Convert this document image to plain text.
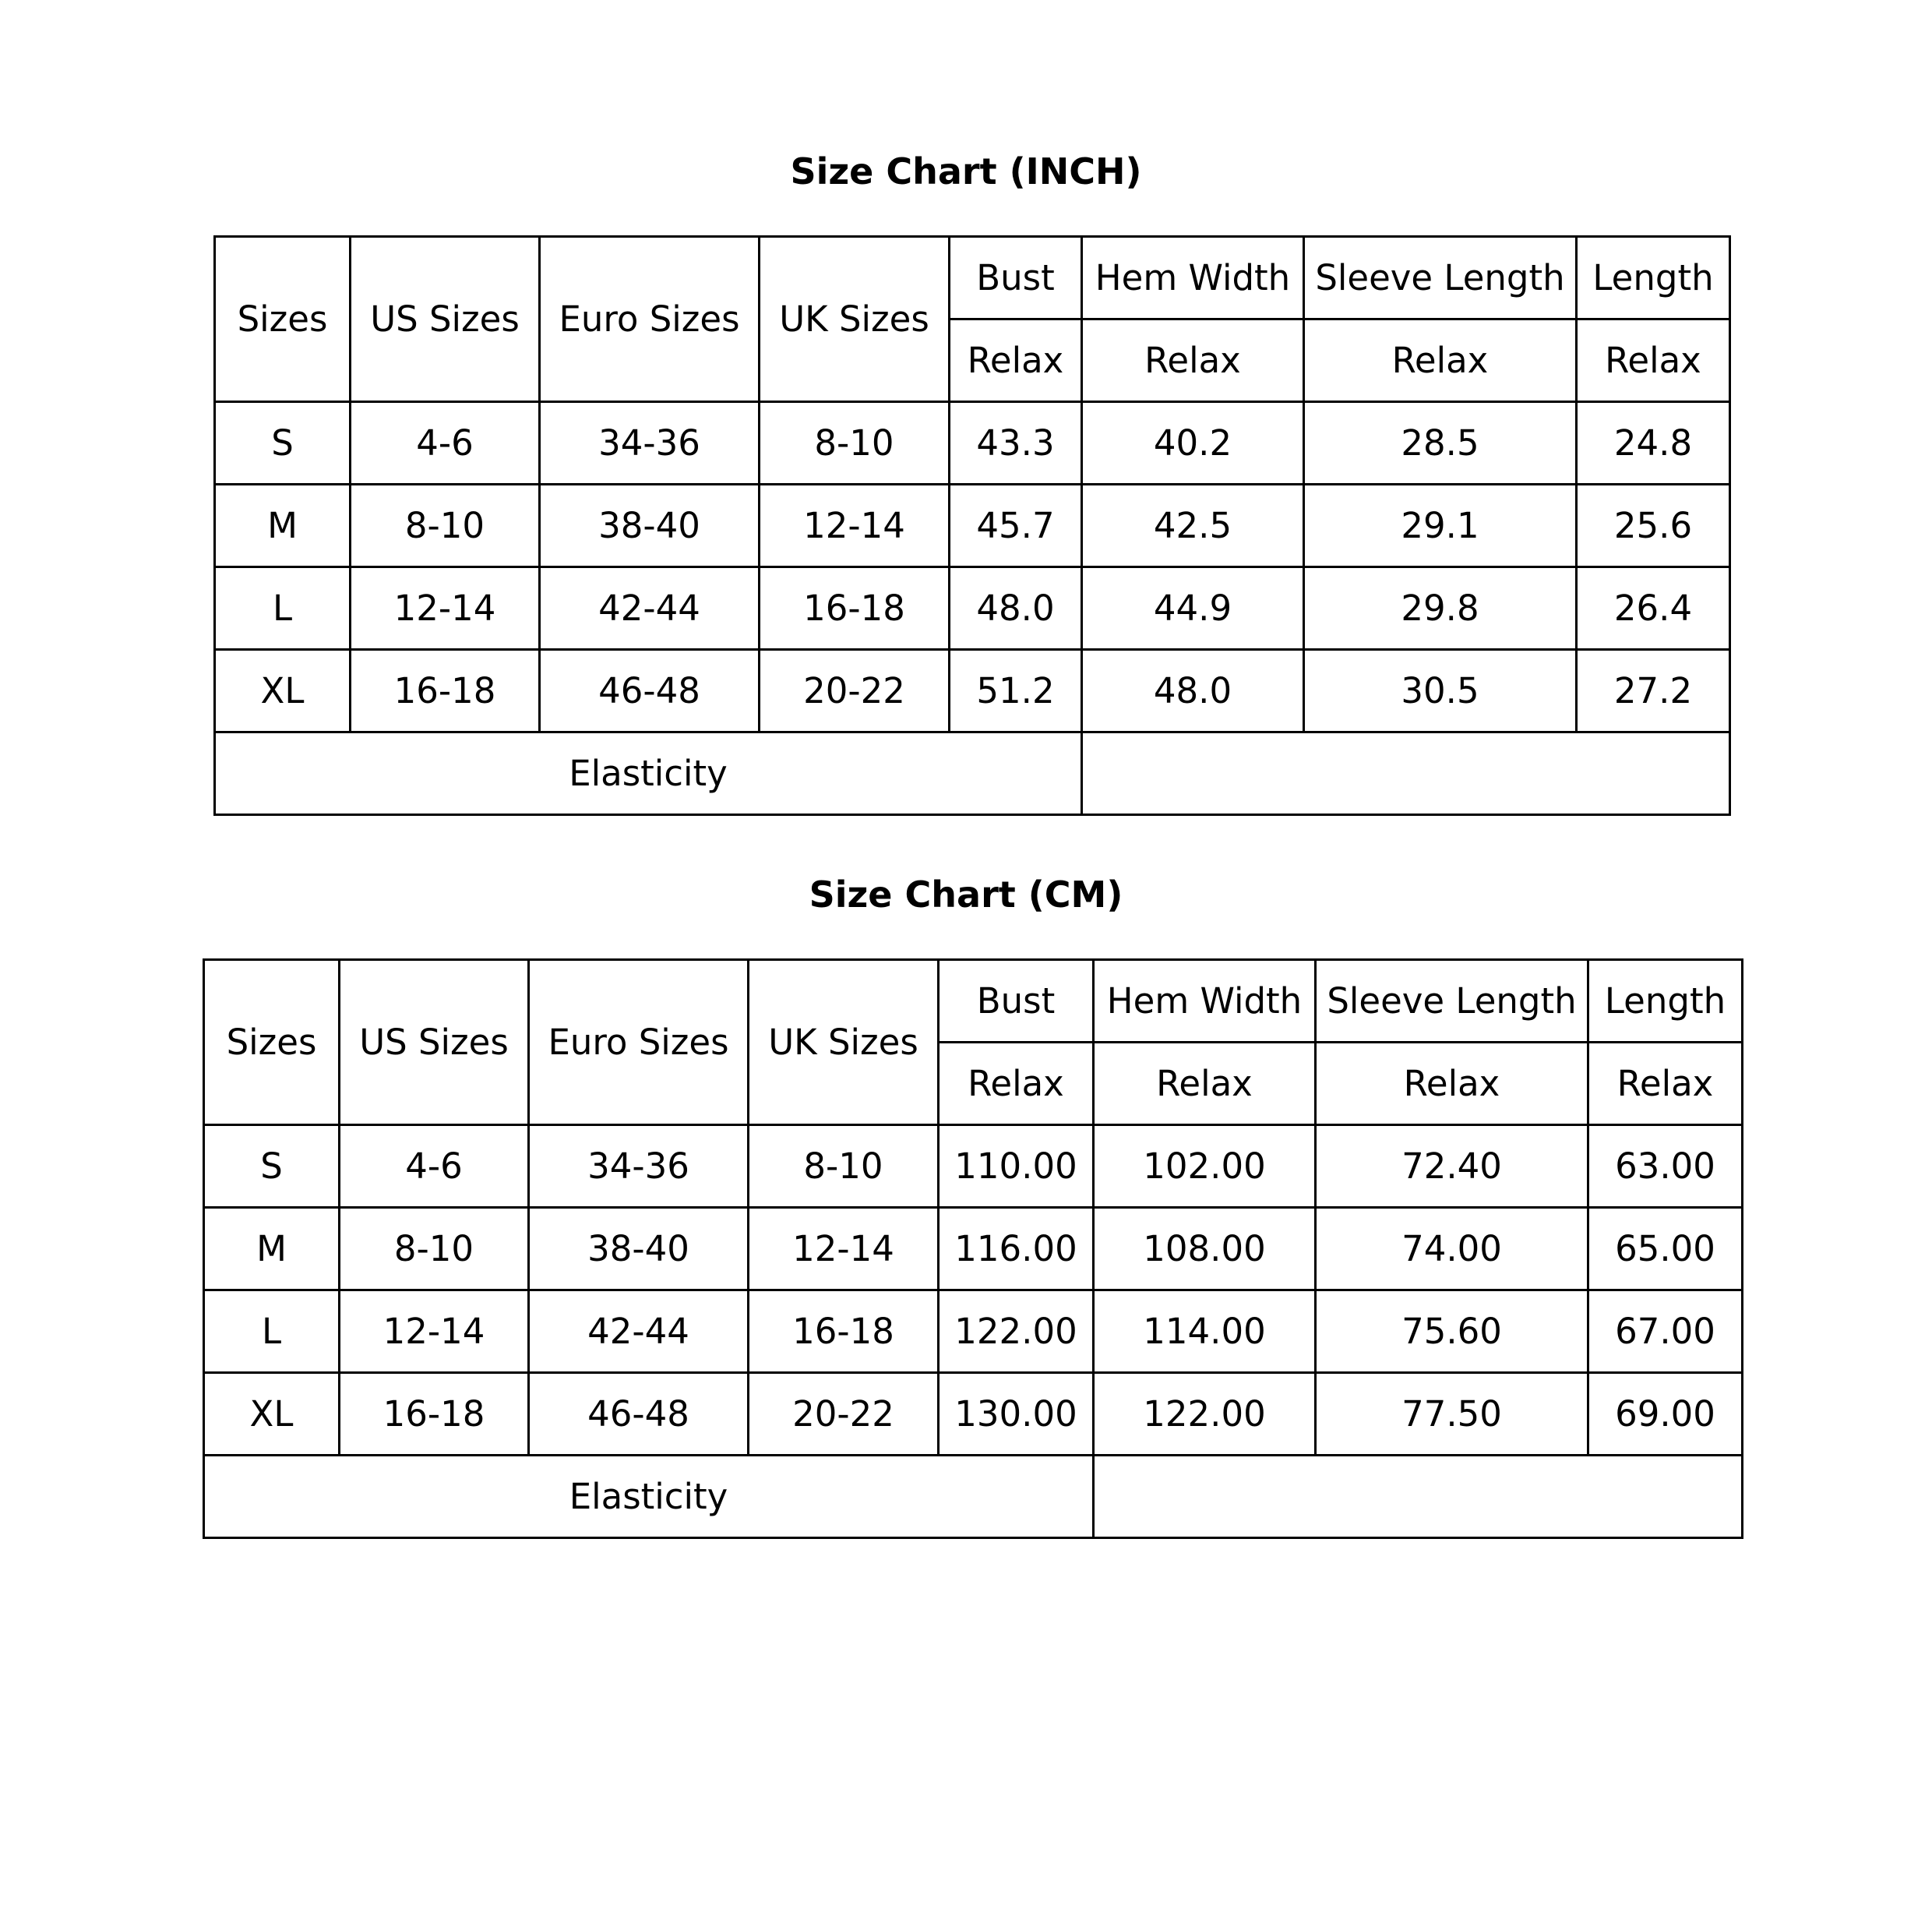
Size Chart (INCH)
Sizes	US Sizes	Euro Sizes	UK Sizes	Bust	Hem Width	Sleeve Length	Length
				Relax	Relax	Relax	Relax
S	4-6	34-36	8-10	43.3	40.2	28.5	24.8
M	8-10	38-40	12-14	45.7	42.5	29.1	25.6
L	12-14	42-44	16-18	48.0	44.9	29.8	26.4
XL	16-18	46-48	20-22	51.2	48.0	30.5	27.2
Elasticity							
Size Chart (CM)
Sizes	US Sizes	Euro Sizes	UK Sizes	Bust	Hem Width	Sleeve Length	Length
				Relax	Relax	Relax	Relax
S	4-6	34-36	8-10	110.00	102.00	72.40	63.00
M	8-10	38-40	12-14	116.00	108.00	74.00	65.00
L	12-14	42-44	16-18	122.00	114.00	75.60	67.00
XL	16-18	46-48	20-22	130.00	122.00	77.50	69.00
Elasticity							
